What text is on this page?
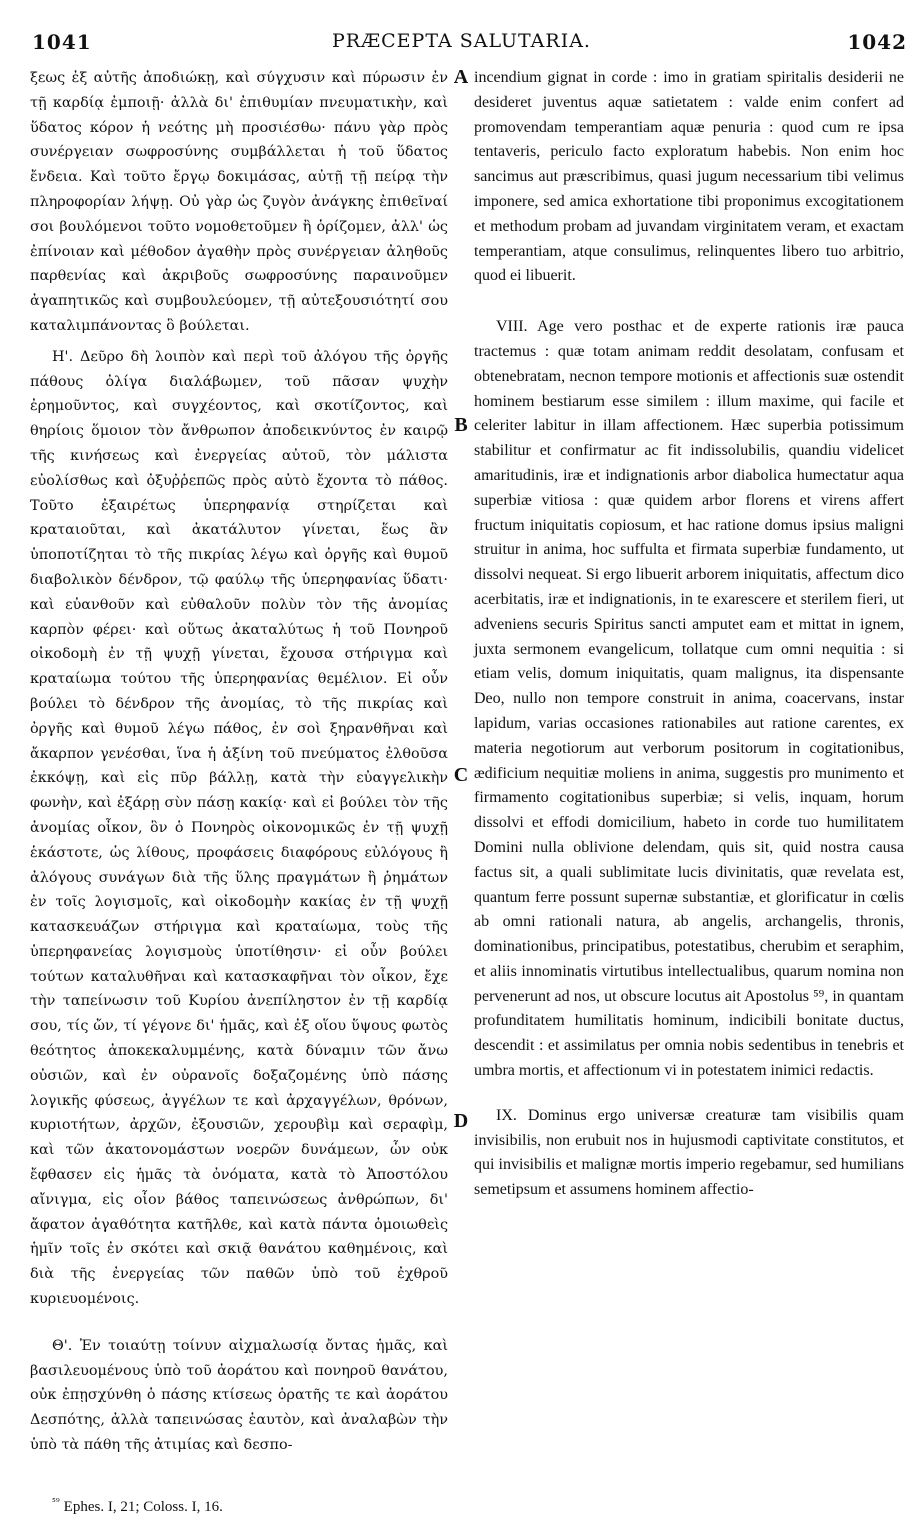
1041	PRÆCEPTA SALUTARIA.	1042

ξεως ἐξ αὐτῆς ἀποδιώκῃ, καὶ σύγχυσιν καὶ πύρωσιν ἐν τῇ καρδίᾳ ἐμποιῇ· ἀλλὰ δι' ἐπιθυμίαν πνευματικὴν, καὶ ὕδατος κόρον ἡ νεότης μὴ προσιέσθω· πάνυ γὰρ πρὸς συνέργειαν σωφροσύνης συμβάλλεται ἡ τοῦ ὕδατος ἔνδεια. Καὶ τοῦτο ἔργῳ δοκιμάσας, αὐτῇ τῇ πείρᾳ τὴν πληροφορίαν λήψῃ. Οὐ γὰρ ὡς ζυγὸν ἀνάγκης ἐπιθεῖναί σοι βουλόμενοι τοῦτο νομοθετοῦμεν ἢ ὁρίζομεν, ἀλλ' ὡς ἐπίνοιαν καὶ μέθοδον ἀγαθὴν πρὸς συνέργειαν ἀληθοῦς παρθενίας καὶ ἀκριβοῦς σωφροσύνης παραινοῦμεν ἀγαπητικῶς καὶ συμβουλεύομεν, τῇ αὐτεξουσιότητί σου καταλιμπάνοντας ὃ βούλεται.

Η'. Δεῦρο δὴ λοιπὸν καὶ περὶ τοῦ ἀλόγου τῆς ὀργῆς πάθους ὀλίγα διαλάβωμεν, τοῦ πᾶσαν ψυχὴν ἐρημοῦντος, καὶ συγχέοντος, καὶ σκοτίζοντος, καὶ θηρίοις ὅμοιον τὸν ἄνθρωπον ἀποδεικνύντος ἐν καιρῷ τῆς κινήσεως καὶ ἐνεργείας αὐτοῦ, τὸν μάλιστα εὐολίσθως καὶ ὀξυῤῥεπῶς πρὸς αὐτὸ ἔχοντα τὸ πάθος. Τοῦτο ἐξαιρέτως ὑπερηφανίᾳ στηρίζεται καὶ κραταιοῦται, καὶ ἀκατάλυτον γίνεται, ἕως ἂν ὑποποτίζηται τὸ τῆς πικρίας λέγω καὶ ὀργῆς καὶ θυμοῦ διαβολικὸν δένδρον, τῷ φαύλῳ τῆς ὑπερηφανίας ὕδατι· καὶ εὐανθοῦν καὶ εὐθαλοῦν πολὺν τὸν τῆς ἀνομίας καρπὸν φέρει· καὶ οὕτως ἀκαταλύτως ἡ τοῦ Πονηροῦ οἰκοδομὴ ἐν τῇ ψυχῇ γίνεται, ἔχουσα στήριγμα καὶ κραταίωμα τούτου τῆς ὑπερηφανίας θεμέλιον. Εἰ οὖν βούλει τὸ δένδρον τῆς ἀνομίας, τὸ τῆς πικρίας καὶ ὀργῆς καὶ θυμοῦ λέγω πάθος, ἐν σοὶ ξηρανθῆναι καὶ ἄκαρπον γενέσθαι, ἵνα ἡ ἀξίνη τοῦ πνεύματος ἐλθοῦσα ἐκκόψῃ, καὶ εἰς πῦρ βάλλῃ, κατὰ τὴν εὐαγγελικὴν φωνὴν, καὶ ἐξάρῃ σὺν πάσῃ κακίᾳ· καὶ εἰ βούλει τὸν τῆς ἀνομίας οἶκον, ὃν ὁ Πονηρὸς οἰκονομικῶς ἐν τῇ ψυχῇ ἑκάστοτε, ὡς λίθους, προφάσεις διαφόρους εὐλόγους ἢ ἀλόγους συνάγων διὰ τῆς ὕλης πραγμάτων ἢ ῥημάτων ἐν τοῖς λογισμοῖς, καὶ οἰκοδομὴν κακίας ἐν τῇ ψυχῇ κατασκευάζων στήριγμα καὶ κραταίωμα, τοὺς τῆς ὑπερηφανείας λογισμοὺς ὑποτίθησιν· εἰ οὖν βούλει τούτων καταλυθῆναι καὶ κατασκαφῆναι τὸν οἶκον, ἔχε τὴν ταπείνωσιν τοῦ Κυρίου ἀνεπίληστον ἐν τῇ καρδίᾳ σου, τίς ὤν, τί γέγονε δι' ἡμᾶς, καὶ ἐξ οἵου ὕψους φωτὸς θεότητος ἀποκεκαλυμμένης, κατὰ δύναμιν τῶν ἄνω οὐσιῶν, καὶ ἐν οὐρανοῖς δοξαζομένης ὑπὸ πάσης λογικῆς φύσεως, ἀγγέλων τε καὶ ἀρχαγγέλων, θρόνων, κυριοτήτων, ἀρχῶν, ἐξουσιῶν, χερουβὶμ καὶ σεραφὶμ, καὶ τῶν ἀκατονομάστων νοερῶν δυνάμεων, ὧν οὐκ ἔφθασεν εἰς ἡμᾶς τὰ ὀνόματα, κατὰ τὸ Ἀποστόλου αἴνιγμα, εἰς οἷον βάθος ταπεινώσεως ἀνθρώπων, δι' ἄφατον ἀγαθότητα κατῆλθε, καὶ κατὰ πάντα ὁμοιωθεὶς ἡμῖν τοῖς ἐν σκότει καὶ σκιᾷ θανάτου καθημένοις, καὶ διὰ τῆς ἐνεργείας τῶν παθῶν ὑπὸ τοῦ ἐχθροῦ κυριευομένοις.

Θ'. Ἐν τοιαύτῃ τοίνυν αἰχμαλωσίᾳ ὄντας ἡμᾶς, καὶ βασιλευομένους ὑπὸ τοῦ ἀοράτου καὶ πονηροῦ θανάτου, οὐκ ἐπῃσχύνθη ὁ πάσης κτίσεως ὁρατῆς τε καὶ ἀοράτου Δεσπότης, ἀλλὰ ταπεινώσας ἑαυτὸν, καὶ ἀναλαβὼν τὴν ὑπὸ τὰ πάθη τῆς ἀτιμίας καὶ δεσπο-

A
B
C
D

incendium gignat in corde : imo in gratiam spiritalis desiderii ne desideret juventus aquæ satietatem : valde enim confert ad promovendam temperantiam aquæ penuria : quod cum re ipsa tentaveris, periculo facto exploratum habebis. Non enim hoc sancimus aut præscribimus, quasi jugum necessarium tibi velimus imponere, sed amica exhortatione tibi proponimus excogitationem et methodum probam ad juvandam virginitatem veram, et exactam temperantiam, atque consulimus, relinquentes libero tuo arbitrio, quod ei libuerit.

VIII. Age vero posthac et de experte rationis iræ pauca tractemus : quæ totam animam reddit desolatam, confusam et obtenebratam, necnon tempore motionis et affectionis suæ ostendit hominem bestiarum esse similem : illum maxime, qui facile et celeriter labitur in illam affectionem. Hæc superbia potissimum stabilitur et confirmatur ac fit indissolubilis, quandiu videlicet amaritudinis, iræ et indignationis arbor diabolica humectatur aqua superbiæ vitiosa : quæ quidem arbor florens et virens affert fructum iniquitatis copiosum, et hac ratione domus ipsius maligni struitur in anima, hoc suffulta et firmata superbiæ fundamento, ut dissolvi nequeat. Si ergo libuerit arborem iniquitatis, affectum dico acerbitatis, iræ et indignationis, in te exarescere et sterilem fieri, ut adveniens securis Spiritus sancti amputet eam et mittat in ignem, juxta sermonem evangelicum, tollatque cum omni nequitia : si etiam velis, domum iniquitatis, quam malignus, ita dispensante Deo, nullo non tempore construit in anima, coacervans, instar lapidum, varias occasiones rationabiles aut ratione carentes, ex materia negotiorum aut verborum positorum in cogitationibus, ædificium nequitiæ moliens in anima, suggestis pro munimento et firmamento cogitationibus superbiæ; si velis, inquam, horum dissolvi et effodi domicilium, habeto in corde tuo humilitatem Domini nulla oblivione delendam, quis sit, quid nostra causa factus sit, a quali sublimitate lucis divinitatis, quæ revelata est, quantum ferre possunt supernæ substantiæ, et glorificatur in cœlis ab omni rationali natura, ab angelis, archangelis, thronis, dominationibus, principatibus, potestatibus, cherubim et seraphim, et aliis innominatis virtutibus intellectualibus, quarum nomina non pervenerunt ad nos, ut obscure locutus ait Apostolus ⁵⁹, in quantam profunditatem humilitatis hominum, indicibili bonitate ductus, descendit : et assimilatus per omnia nobis sedentibus in tenebris et umbra mortis, et affectionum vi in potestatem inimici redactis.

IX. Dominus ergo universæ creaturæ tam visibilis quam invisibilis, non erubuit nos in hujusmodi captivitate constitutos, et qui invisibilis et malignæ mortis imperio regebamur, sed humilians semetipsum et assumens hominem affectio-

$^{^{59}}$ Ephes. I, 21; Coloss. I, 16.
